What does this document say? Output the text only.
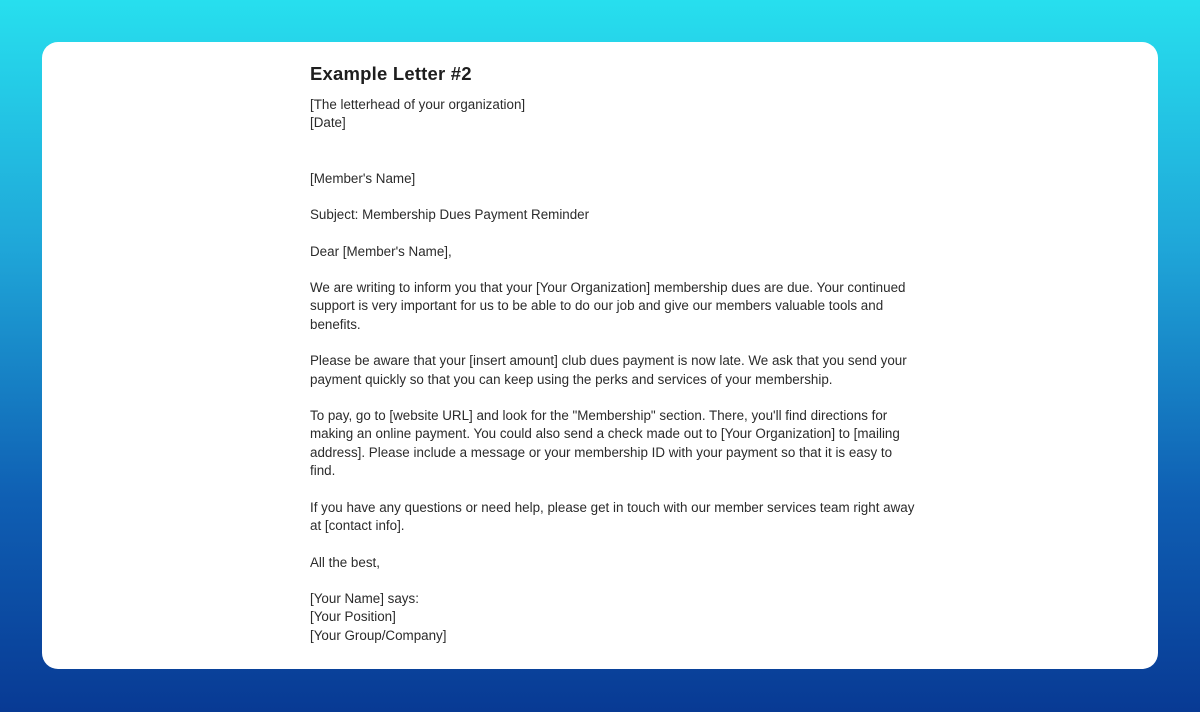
Example Letter #2

[The letterhead of your organization]

[Date]

[Member's Name]

Subject: Membership Dues Payment Reminder

Dear [Member's Name],

We are writing to inform you that your [Your Organization] membership dues are due. Your continued support is very important for us to be able to do our job and give our members valuable tools and benefits.

Please be aware that your [insert amount] club dues payment is now late. We ask that you send your payment quickly so that you can keep using the perks and services of your membership.

To pay, go to [website URL] and look for the "Membership" section. There, you'll find directions for making an online payment. You could also send a check made out to [Your Organization] to [mailing address]. Please include a message or your membership ID with your payment so that it is easy to find.

If you have any questions or need help, please get in touch with our member services team right away at [contact info].

All the best,

[Your Name] says:

[Your Position]

[Your Group/Company]
